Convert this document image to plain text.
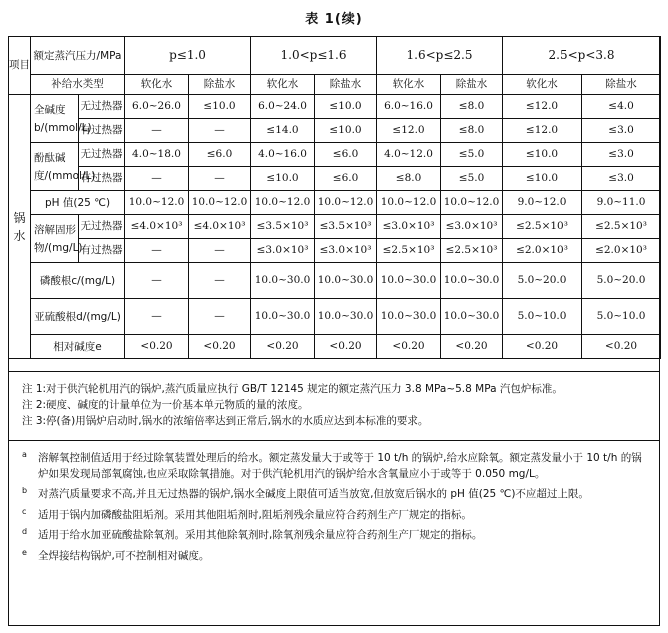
表 1(续)
项目	额定蒸汽压力/MPa		p≤1.0		1.0<p≤1.6		1.6<p≤2.5		2.5<p<3.8	
	补给水类型		软化水	除盐水	软化水	除盐水	软化水	除盐水	软化水	除盐水
锅水	全碱度b/(mmol/L)	无过热器	6.0~26.0	≤10.0	6.0~24.0	≤10.0	6.0~16.0	≤8.0	≤12.0	≤4.0
		有过热器	—	—	≤14.0	≤10.0	≤12.0	≤8.0	≤12.0	≤3.0
	酚酞碱度/(mmol/L)	无过热器	4.0~18.0	≤6.0	4.0~16.0	≤6.0	4.0~12.0	≤5.0	≤10.0	≤3.0
		有过热器	—	—	≤10.0	≤6.0	≤8.0	≤5.0	≤10.0	≤3.0
	pH 值(25 ℃)		10.0~12.0	10.0~12.0	10.0~12.0	10.0~12.0	10.0~12.0	10.0~12.0	9.0~12.0	9.0~11.0
	溶解固形物/(mg/L)	无过热器	≤4.0×10³	≤4.0×10³	≤3.5×10³	≤3.5×10³	≤3.0×10³	≤3.0×10³	≤2.5×10³	≤2.5×10³
		有过热器	—	—	≤3.0×10³	≤3.0×10³	≤2.5×10³	≤2.5×10³	≤2.0×10³	≤2.0×10³
	磷酸根c/(mg/L)		—	—	10.0~30.0	10.0~30.0	10.0~30.0	10.0~30.0	5.0~20.0	5.0~20.0
	亚硫酸根d/(mg/L)		—	—	10.0~30.0	10.0~30.0	10.0~30.0	10.0~30.0	5.0~10.0	5.0~10.0
	相对碱度e		<0.20	<0.20	<0.20	<0.20	<0.20	<0.20	<0.20	<0.20
注 1:对于供汽轮机用汽的锅炉,蒸汽质量应执行 GB/T 12145 规定的额定蒸汽压力 3.8 MPa~5.8 MPa 汽包炉标准。
注 2:硬度、碱度的计量单位为一价基本单元物质的量的浓度。
注 3:停(备)用锅炉启动时,锅水的浓缩倍率达到正常后,锅水的水质应达到本标准的要求。
a 溶解氧控制值适用于经过除氧装置处理后的给水。额定蒸发量大于或等于 10 t/h 的锅炉,给水应除氧。额定蒸发量小于 10 t/h 的锅炉如果发现局部氧腐蚀,也应采取除氧措施。对于供汽轮机用汽的锅炉给水含氧量应小于或等于 0.050 mg/L。
b 对蒸汽质量要求不高,并且无过热器的锅炉,锅水全碱度上限值可适当放宽,但放宽后锅水的 pH 值(25 ℃)不应超过上限。
c 适用于锅内加磷酸盐阻垢剂。采用其他阻垢剂时,阻垢剂残余量应符合药剂生产厂规定的指标。
d 适用于给水加亚硫酸盐除氧剂。采用其他除氧剂时,除氧剂残余量应符合药剂生产厂规定的指标。
e 全焊接结构锅炉,可不控制相对碱度。
